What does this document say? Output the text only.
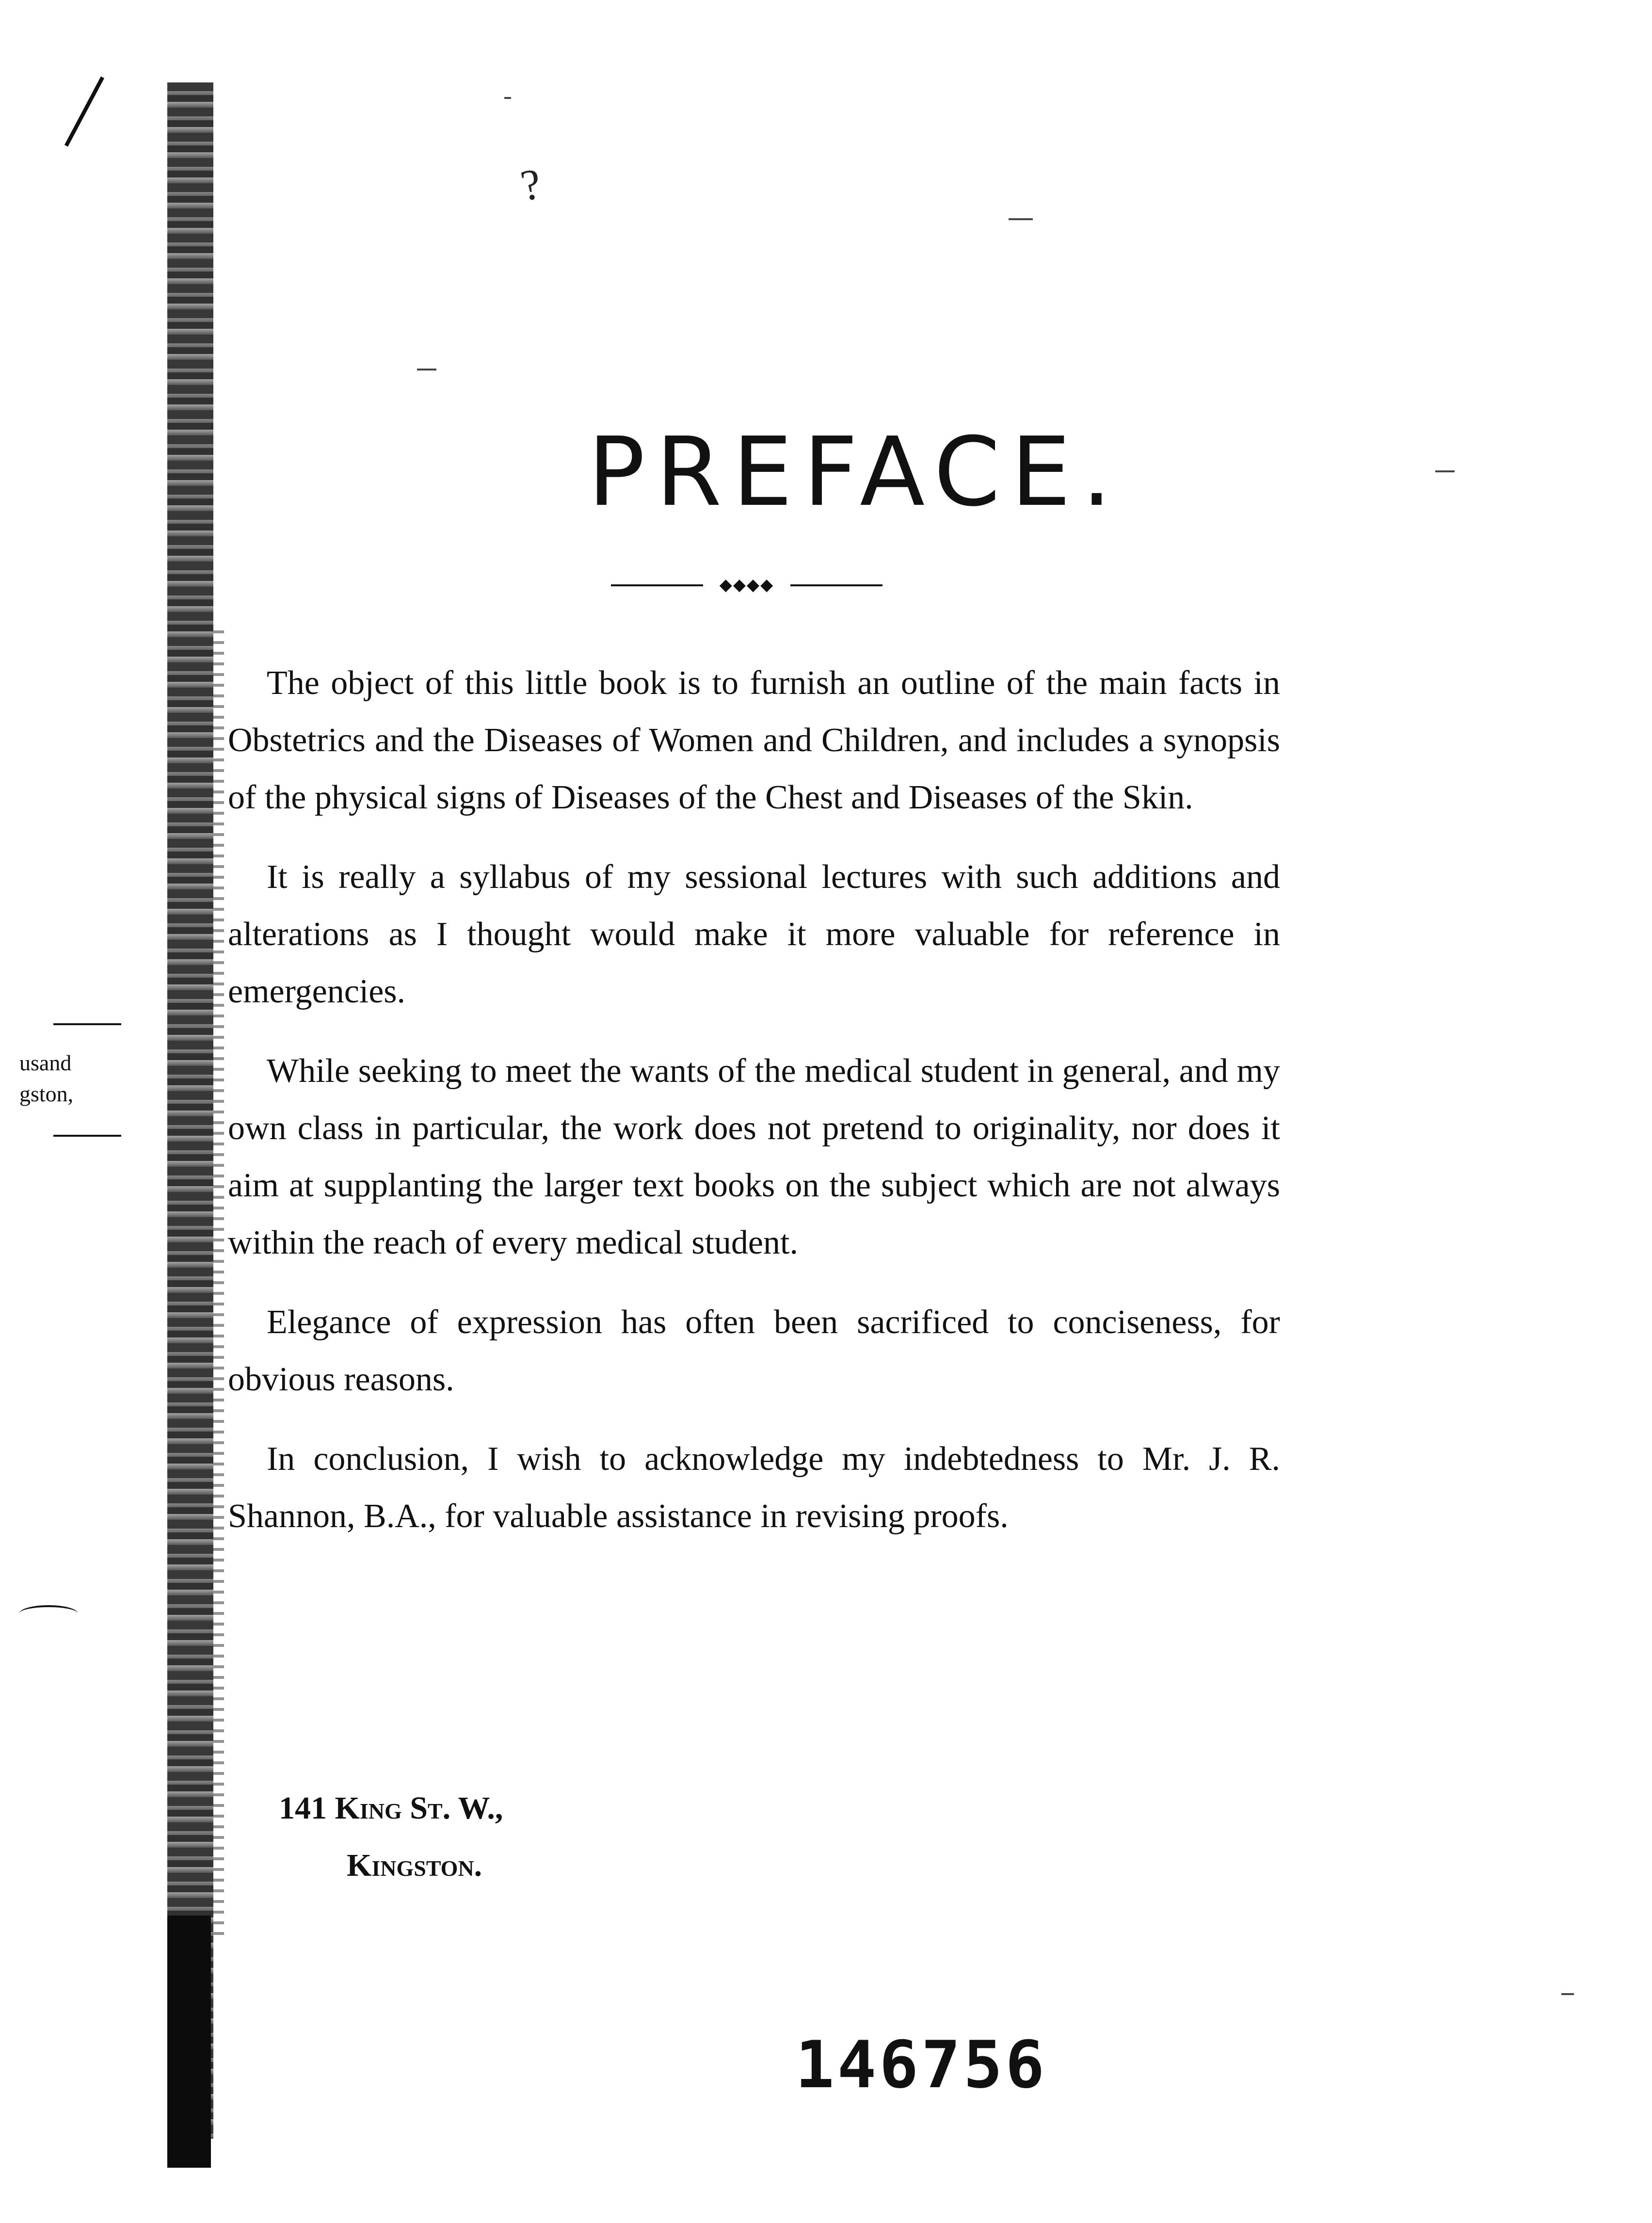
?
usand
gston,
PREFACE.
◆◆◆◆

The object of this little book is to furnish an outline of the main facts in Obstetrics and the Diseases of Women and Children, and includes a synopsis of the physical signs of Diseases of the Chest and Diseases of the Skin.

It is really a syllabus of my sessional lectures with such additions and alterations as I thought would make it more valuable for reference in emergencies.

While seeking to meet the wants of the medical student in general, and my own class in particular, the work does not pretend to originality, nor does it aim at supplanting the larger text books on the subject which are not always within the reach of every medical student.

Elegance of expression has often been sacrificed to conciseness, for obvious reasons.

In conclusion, I wish to acknowledge my indebtedness to Mr. J. R. Shannon, B.A., for valuable assistance in revising proofs.

141 King St. W.,
Kingston.
146756
